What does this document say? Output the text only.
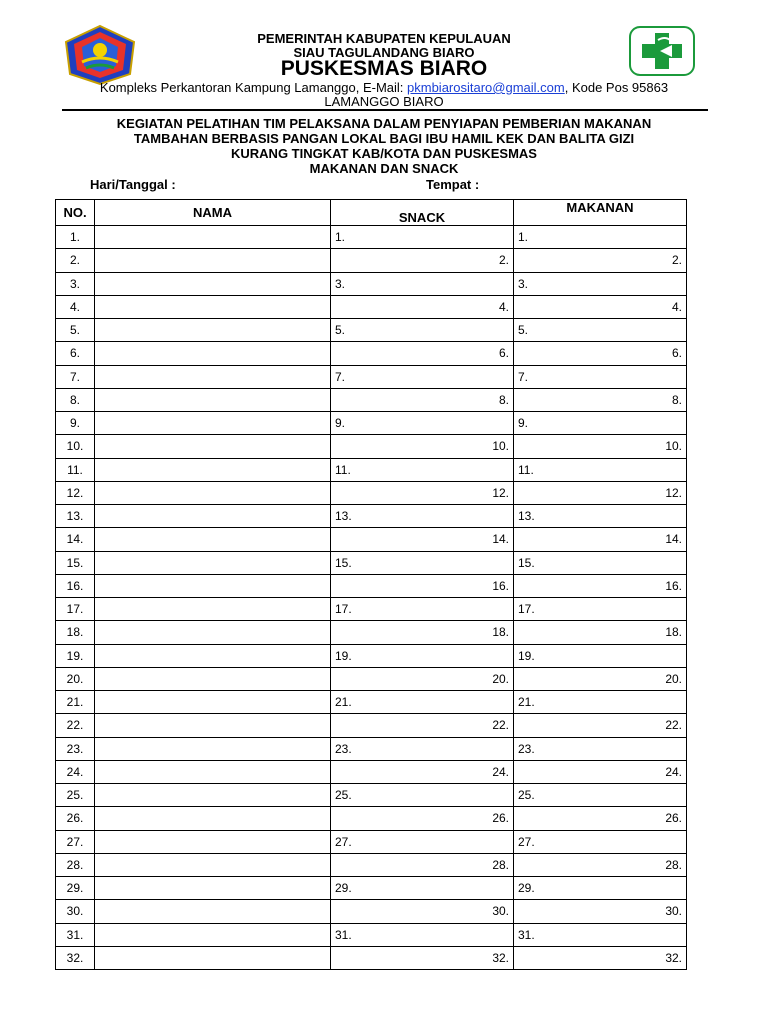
PEMERINTAH KABUPATEN KEPULAUAN
SIAU TAGULANDANG BIARO
PUSKESMAS BIARO
Kompleks Perkantoran Kampung Lamanggo, E-Mail: pkmbiarositaro@gmail.com, Kode Pos 95863
LAMANGGO BIARO
KEGIATAN PELATIHAN TIM PELAKSANA DALAM PENYIAPAN PEMBERIAN MAKANAN
TAMBAHAN BERBASIS PANGAN LOKAL BAGI IBU HAMIL KEK DAN BALITA GIZI
KURANG TINGKAT KAB/KOTA DAN PUSKESMAS
MAKANAN DAN SNACK
Hari/Tanggal :	Tempat :
NO.	NAMA	SNACK	MAKANAN
1.		1.	1.
2.		2.	2.
3.		3.	3.
4.		4.	4.
5.		5.	5.
6.		6.	6.
7.		7.	7.
8.		8.	8.
9.		9.	9.
10.		10.	10.
11.		11.	11.
12.		12.	12.
13.		13.	13.
14.		14.	14.
15.		15.	15.
16.		16.	16.
17.		17.	17.
18.		18.	18.
19.		19.	19.
20.		20.	20.
21.		21.	21.
22.		22.	22.
23.		23.	23.
24.		24.	24.
25.		25.	25.
26.		26.	26.
27.		27.	27.
28.		28.	28.
29.		29.	29.
30.		30.	30.
31.		31.	31.
32.		32.	32.
